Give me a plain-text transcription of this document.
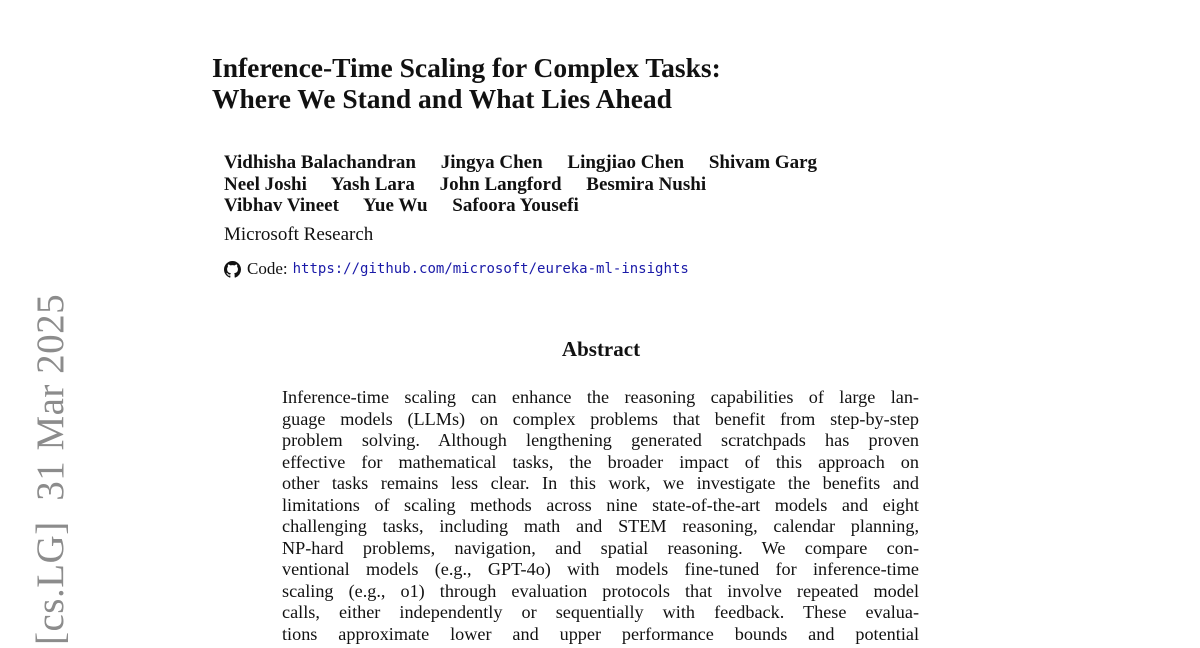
[cs.LG]  31 Mar 2025
Inference-Time Scaling for Complex Tasks:
Where We Stand and What Lies Ahead
Vidhisha Balachandran Jingya Chen Lingjiao Chen Shivam Garg
Neel Joshi Yash Lara John Langford Besmira Nushi
Vibhav Vineet Yue Wu Safoora Yousefi
Microsoft Research
Code: https://github.com/microsoft/eureka-ml-insights
Abstract
Inference-time scaling can enhance the reasoning capabilities of large lan-
guage models (LLMs) on complex problems that benefit from step-by-step
problem solving. Although lengthening generated scratchpads has proven
effective for mathematical tasks, the broader impact of this approach on
other tasks remains less clear. In this work, we investigate the benefits and
limitations of scaling methods across nine state-of-the-art models and eight
challenging tasks, including math and STEM reasoning, calendar planning,
NP-hard problems, navigation, and spatial reasoning. We compare con-
ventional models (e.g., GPT-4o) with models fine-tuned for inference-time
scaling (e.g., o1) through evaluation protocols that involve repeated model
calls, either independently or sequentially with feedback. These evalua-
tions approximate lower and upper performance bounds and potential
